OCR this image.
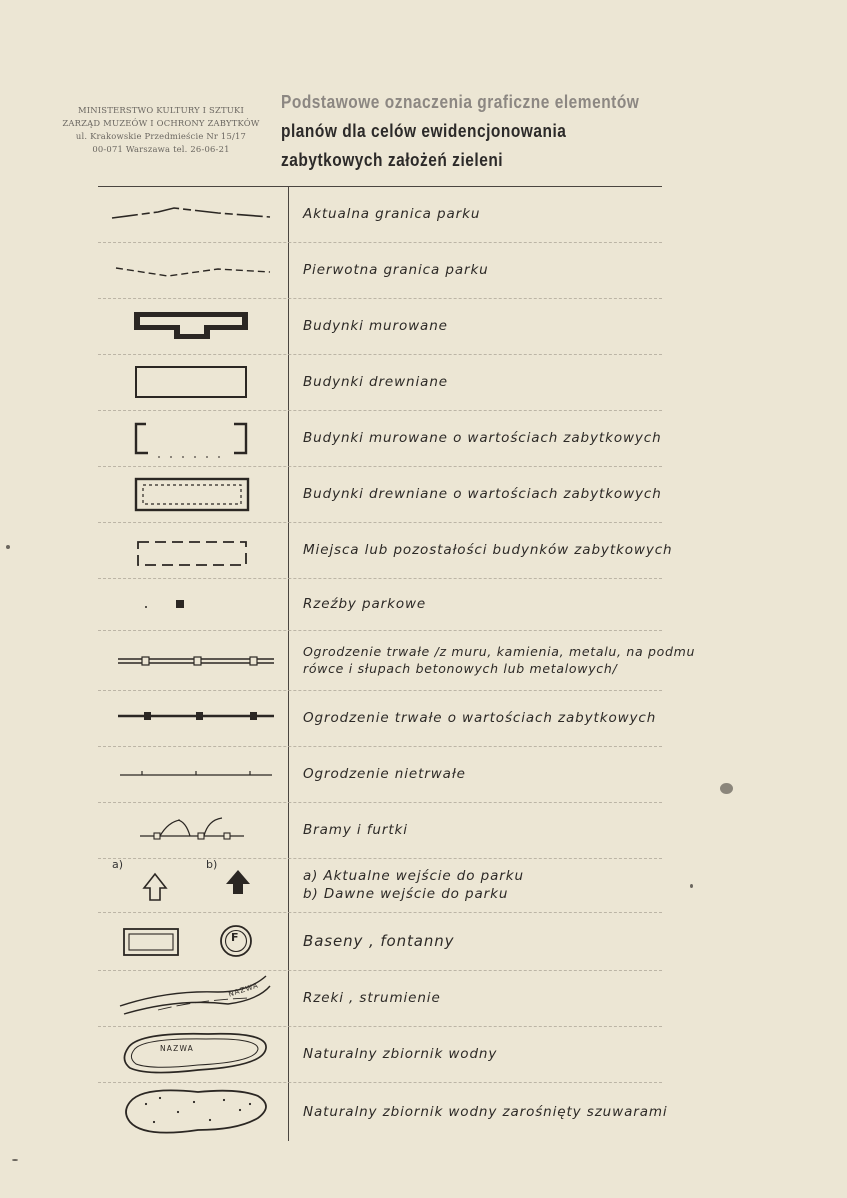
MINISTERSTWO KULTURY I SZTUKI
ZARZĄD MUZEÓW I OCHRONY ZABYTKÓW
ul. Krakowskie Przedmieście Nr 15/17
00-071 Warszawa tel. 26-06-21
Podstawowe oznaczenia graficzne elementów
planów dla celów ewidencjonowania
zabytkowych założeń zieleni
Aktualna granica parku
Pierwotna granica parku
Budynki murowane
Budynki drewniane
Budynki murowane o wartościach zabytkowych
Budynki drewniane o wartościach zabytkowych
Miejsca lub pozostałości budynków zabytkowych
Rzeźby parkowe
Ogrodzenie trwałe /z muru, kamienia, metalu, na podmu
rówce i słupach betonowych lub metalowych/
Ogrodzenie trwałe o wartościach zabytkowych
Ogrodzenie nietrwałe
Bramy i furtki
a)	b)
a) Aktualne wejście do parku
b) Dawne wejście do parku
F	Baseny , fontanny
NAZWA	Rzeki , strumienie
NAZWA	Naturalny zbiornik wodny
Naturalny zbiornik wodny zarośnięty szuwarami
